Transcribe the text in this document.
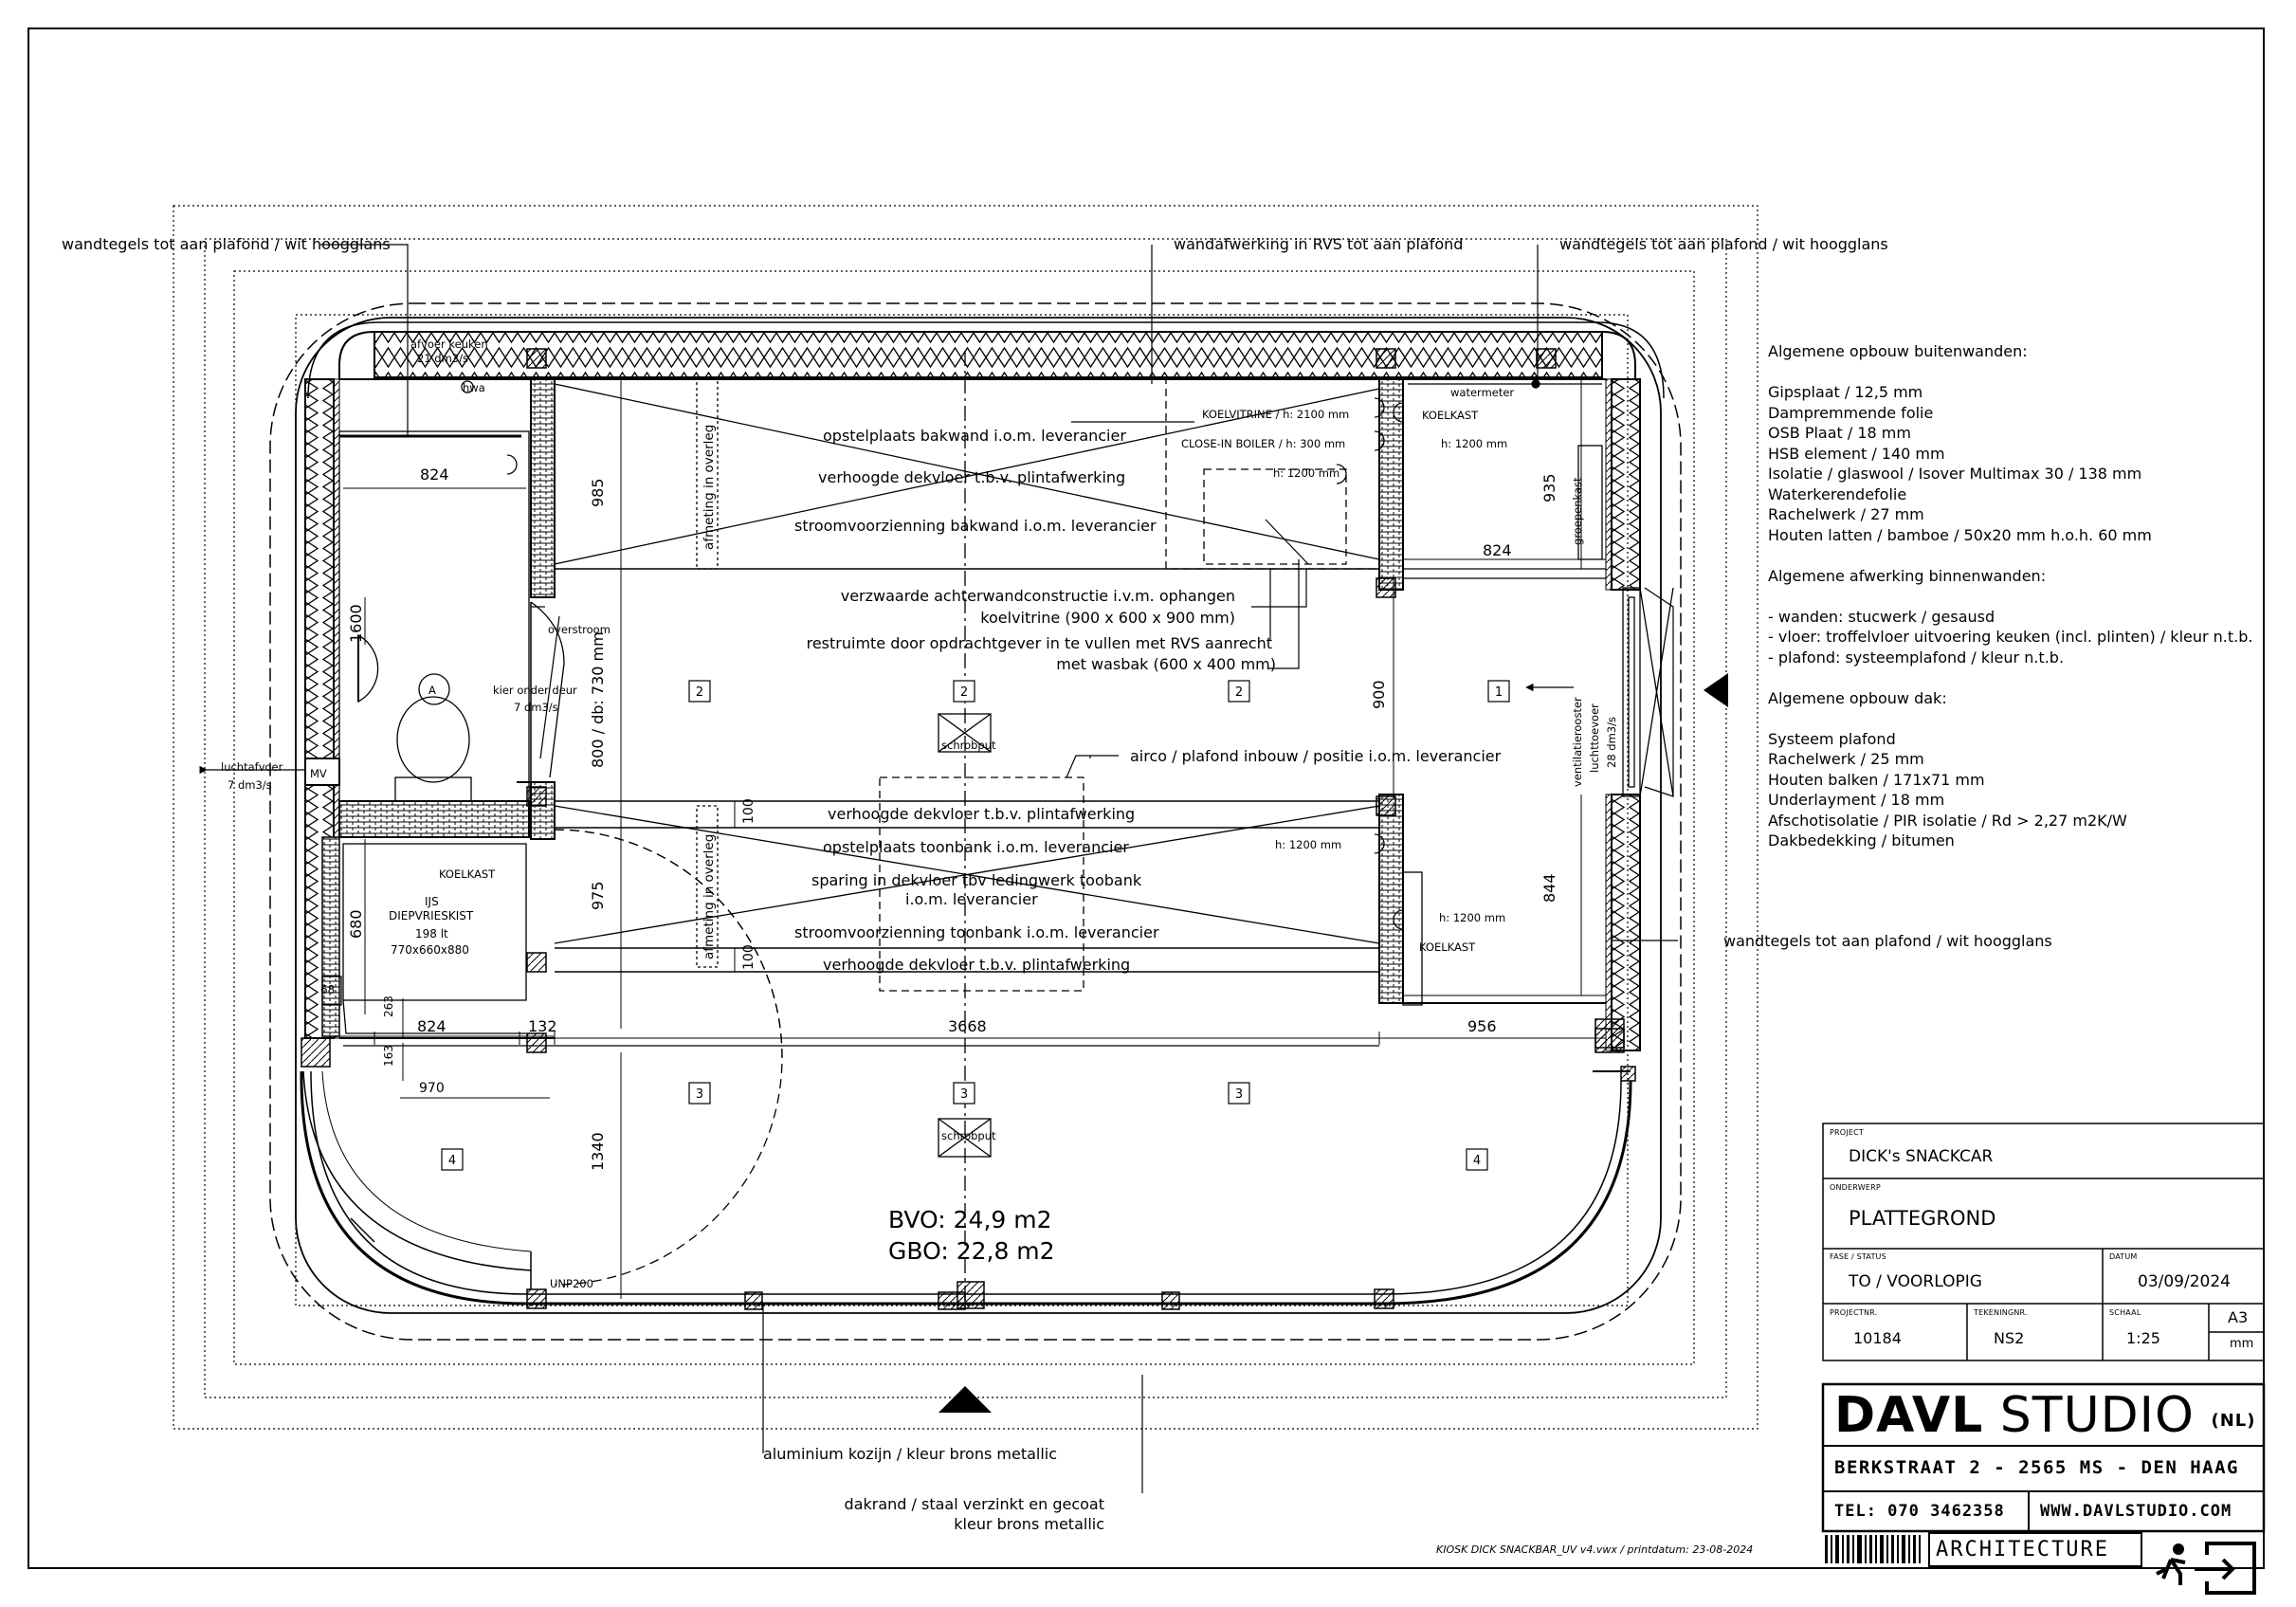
wandtegels tot aan plafond / wit hoogglans	wandafwerking in RVS tot aan plafond	wandtegels tot aan plafond / wit hoogglans
wandtegels tot aan plafond / wit hoogglans
airco / plafond inbouw / positie i.o.m. leverancier
aluminium kozijn / kleur brons metallic
dakrand / staal verzinkt en gecoat
kleur brons metallic
opstelplaats bakwand i.o.m. leverancier
verhoogde dekvloer t.b.v. plintafwerking
stroomvoorzienning bakwand i.o.m. leverancier
verzwaarde achterwandconstructie i.v.m. ophangen
koelvitrine (900 x 600 x 900 mm)
restruimte door opdrachtgever in te vullen met RVS aanrecht
met wasbak (600 x 400 mm)
verhoogde dekvloer t.b.v. plintafwerking
opstelplaats toonbank i.o.m. leverancier
sparing in dekvloer tbv ledingwerk toobank
i.o.m. leverancier
stroomvoorzienning toonbank i.o.m. leverancier
verhoogde dekvloer t.b.v. plintafwerking
BVO: 24,9 m2
GBO: 22,8 m2
afvoer keuken
21 dm3/s
hwa
KOELVITRINE / h: 2100 mm
CLOSE-IN BOILER / h: 300 mm
h: 1200 mm
KOELKAST
h: 1200 mm
watermeter
groepenkast
overstroom
kier onder deur
7 dm3/s
luchtafvoer
7 dm3/s
MV	ventilatierooster luchttoevoer 28 dm3/s
schrobput
schrobput
h: 1200 mm
h: 1200 mm
KOELKAST
KOELKAST
IJS
DIEPVRIESKIST
198 lt
770x660x880
UNP200
A
afmeting in overleg
afmeting in overleg
824
985
1600
800 / db: 730 mm
935
824
900
975
680
100
100
844
263
68
824	132	3668	956
163
970
1340
2	2	2	1
3	3	3
4	4
Algemene opbouw buitenwanden:
Gipsplaat / 12,5 mm
Dampremmende folie
OSB Plaat / 18 mm
HSB element / 140 mm
Isolatie / glaswool / Isover Multimax 30 / 138 mm
Waterkerendefolie
Rachelwerk / 27 mm
Houten latten / bamboe / 50x20 mm h.o.h. 60 mm
Algemene afwerking binnenwanden:
- wanden: stucwerk / gesausd
- vloer: troffelvloer uitvoering keuken (incl. plinten) / kleur n.t.b.
- plafond: systeemplafond / kleur n.t.b.
Algemene opbouw dak:
Systeem plafond
Rachelwerk / 25 mm
Houten balken / 171x71 mm
Underlayment / 18 mm
Afschotisolatie / PIR isolatie / Rd > 2,27 m2K/W
Dakbedekking / bitumen
PROJECT
DICK's SNACKCAR
ONDERWERP
PLATTEGROND
FASE / STATUS
TO / VOORLOPIG
DATUM
03/09/2024
PROJECTNR.
10184
TEKENINGNR.
NS2
SCHAAL
1:25
A3
mm
DAVL STUDIO $^{(NL)}$
BERKSTRAAT 2 - 2565 MS - DEN HAAG
TEL: 070 3462358 WWW.DAVLSTUDIO.COM
ARCHITECTURE
KIOSK DICK SNACKBAR_UV v4.vwx / printdatum: 23-08-2024
